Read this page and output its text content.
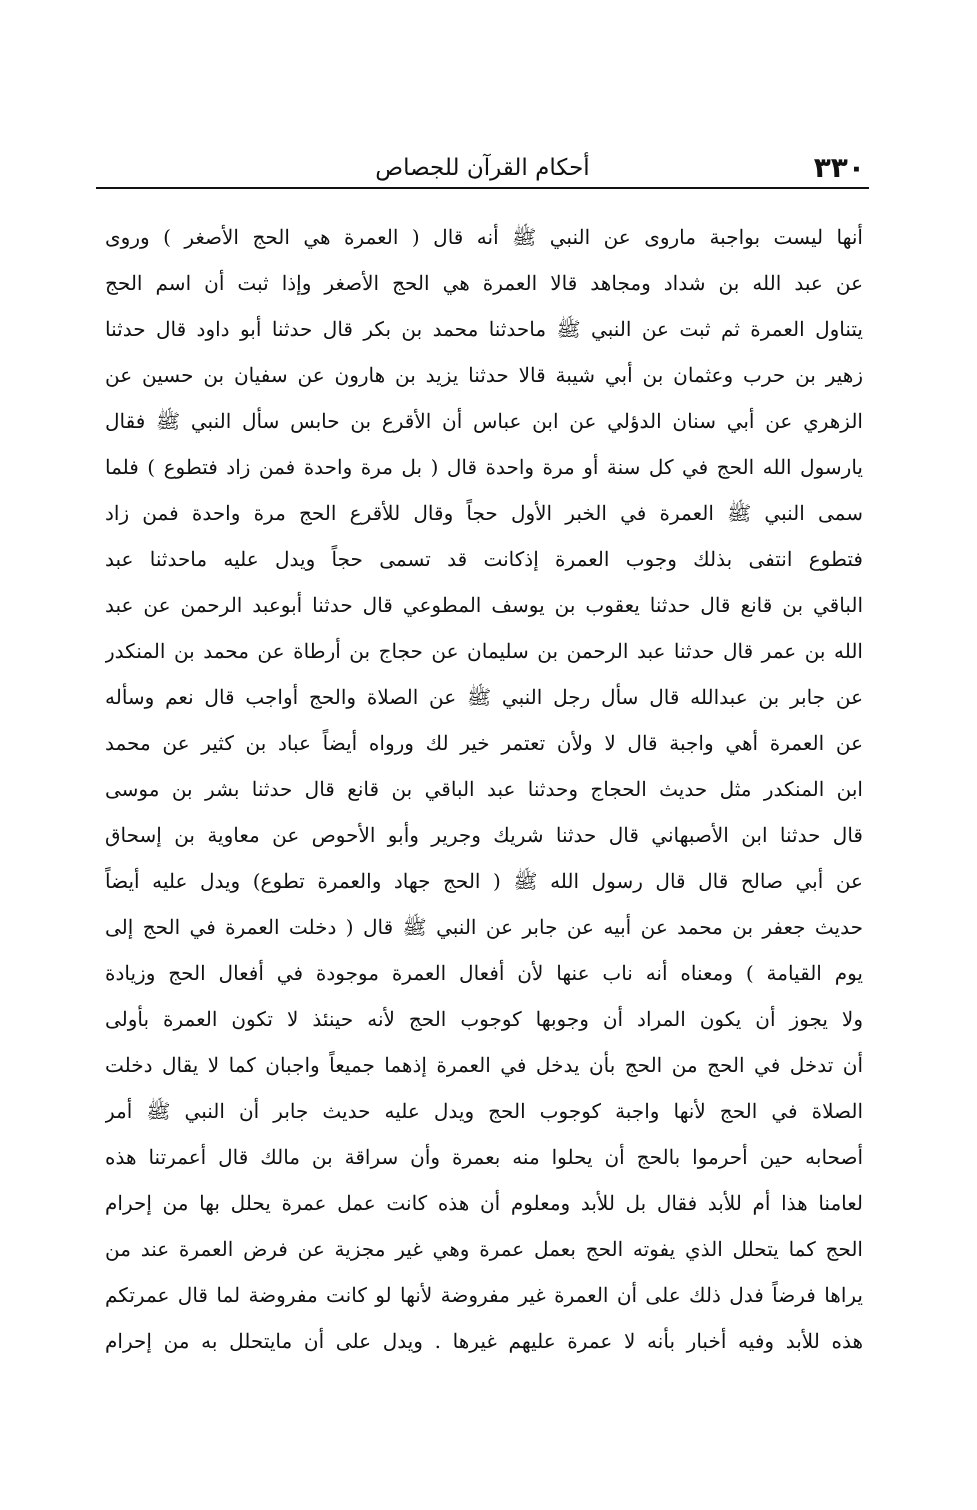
٣٣٠
أحكام القرآن للجصاص
أنها ليست بواجبة ماروى عن النبي ﷺ أنه قال ( العمرة هي الحج الأصغر ) وروى
عن عبد الله بن شداد ومجاهد قالا العمرة هي الحج الأصغر وإذا ثبت أن اسم الحج
يتناول العمرة ثم ثبت عن النبي ﷺ ماحدثنا محمد بن بكر قال حدثنا أبو داود قال حدثنا
زهير بن حرب وعثمان بن أبي شيبة قالا حدثنا يزيد بن هارون عن سفيان بن حسين عن
الزهري عن أبي سنان الدؤلي عن ابن عباس أن الأقرع بن حابس سأل النبي ﷺ فقال
يارسول الله الحج في كل سنة أو مرة واحدة قال ( بل مرة واحدة فمن زاد فتطوع ) فلما
سمى النبي ﷺ العمرة في الخبر الأول حجاً وقال للأقرع الحج مرة واحدة فمن زاد
فتطوع انتفى بذلك وجوب العمرة إذكانت قد تسمى حجاً ويدل عليه ماحدثنا عبد
الباقي بن قانع قال حدثنا يعقوب بن يوسف المطوعي قال حدثنا أبوعبد الرحمن عن عبد
الله بن عمر قال حدثنا عبد الرحمن بن سليمان عن حجاج بن أرطاة عن محمد بن المنكدر
عن جابر بن عبدالله قال سأل رجل النبي ﷺ عن الصلاة والحج أواجب قال نعم وسأله
عن العمرة أهي واجبة قال لا ولأن تعتمر خير لك ورواه أيضاً عباد بن كثير عن محمد
ابن المنكدر مثل حديث الحجاج وحدثنا عبد الباقي بن قانع قال حدثنا بشر بن موسى
قال حدثنا ابن الأصبهاني قال حدثنا شريك وجرير وأبو الأحوص عن معاوية بن إسحاق
عن أبي صالح قال قال رسول الله ﷺ ( الحج جهاد والعمرة تطوع) ويدل عليه أيضاً
حديث جعفر بن محمد عن أبيه عن جابر عن النبي ﷺ قال ( دخلت العمرة في الحج إلى
يوم القيامة ) ومعناه أنه ناب عنها لأن أفعال العمرة موجودة في أفعال الحج وزيادة
ولا يجوز أن يكون المراد أن وجوبها كوجوب الحج لأنه حينئذ لا تكون العمرة بأولى
أن تدخل في الحج من الحج بأن يدخل في العمرة إذهما جميعاً واجبان كما لا يقال دخلت
الصلاة في الحج لأنها واجبة كوجوب الحج ويدل عليه حديث جابر أن النبي ﷺ أمر
أصحابه حين أحرموا بالحج أن يحلوا منه بعمرة وأن سراقة بن مالك قال أعمرتنا هذه
لعامنا هذا أم للأبد فقال بل للأبد ومعلوم أن هذه كانت عمل عمرة يحلل بها من إحرام
الحج كما يتحلل الذي يفوته الحج بعمل عمرة وهي غير مجزية عن فرض العمرة عند من
يراها فرضاً فدل ذلك على أن العمرة غير مفروضة لأنها لو كانت مفروضة لما قال عمرتكم
هذه للأبد وفيه أخبار بأنه لا عمرة عليهم غيرها . ويدل على أن مايتحلل به من إحرام
